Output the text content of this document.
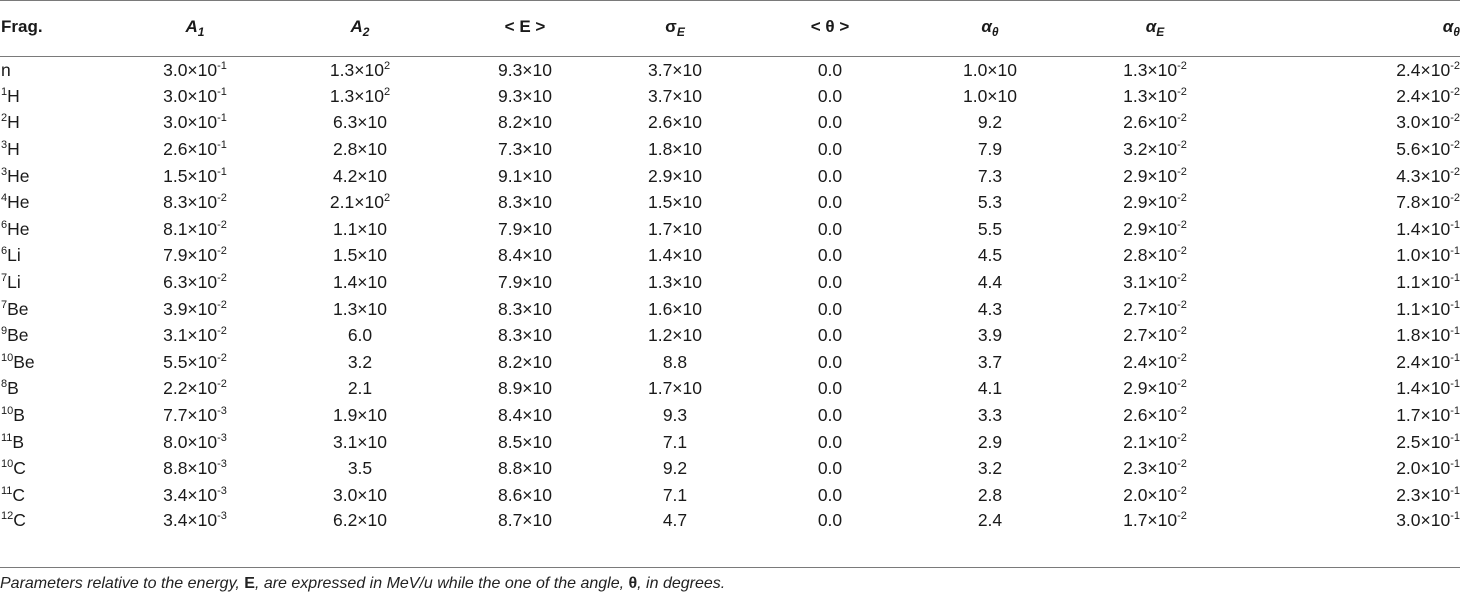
Frag.	$A_1$	$A_2$	< E >	$\sigma_E$	< θ >	$\alpha_\theta$	$\alpha_E$	$\alpha_\theta$
n	$3.0\times 10^{-1}$	$1.3\times 10^2$	9.3×10	3.7×10	0.0	1.0×10	$1.3\times 10^{-2}$	$2.4\times 10^{-2}$
$^1$H	$3.0\times 10^{-1}$	$1.3\times 10^2$	9.3×10	3.7×10	0.0	1.0×10	$1.3\times 10^{-2}$	$2.4\times 10^{-2}$
$^2$H	$3.0\times 10^{-1}$	6.3×10	8.2×10	2.6×10	0.0	9.2	$2.6\times 10^{-2}$	$3.0\times 10^{-2}$
$^3$H	$2.6\times 10^{-1}$	2.8×10	7.3×10	1.8×10	0.0	7.9	$3.2\times 10^{-2}$	$5.6\times 10^{-2}$
$^3$He	$1.5\times 10^{-1}$	4.2×10	9.1×10	2.9×10	0.0	7.3	$2.9\times 10^{-2}$	$4.3\times 10^{-2}$
$^4$He	$8.3\times 10^{-2}$	$2.1\times 10^2$	8.3×10	1.5×10	0.0	5.3	$2.9\times 10^{-2}$	$7.8\times 10^{-2}$
$^6$He	$8.1\times 10^{-2}$	1.1×10	7.9×10	1.7×10	0.0	5.5	$2.9\times 10^{-2}$	$1.4\times 10^{-1}$
$^6$Li	$7.9\times 10^{-2}$	1.5×10	8.4×10	1.4×10	0.0	4.5	$2.8\times 10^{-2}$	$1.0\times 10^{-1}$
$^7$Li	$6.3\times 10^{-2}$	1.4×10	7.9×10	1.3×10	0.0	4.4	$3.1\times 10^{-2}$	$1.1\times 10^{-1}$
$^7$Be	$3.9\times 10^{-2}$	1.3×10	8.3×10	1.6×10	0.0	4.3	$2.7\times 10^{-2}$	$1.1\times 10^{-1}$
$^9$Be	$3.1\times 10^{-2}$	6.0	8.3×10	1.2×10	0.0	3.9	$2.7\times 10^{-2}$	$1.8\times 10^{-1}$
$^{10}$Be	$5.5\times 10^{-2}$	3.2	8.2×10	8.8	0.0	3.7	$2.4\times 10^{-2}$	$2.4\times 10^{-1}$
$^8$B	$2.2\times 10^{-2}$	2.1	8.9×10	1.7×10	0.0	4.1	$2.9\times 10^{-2}$	$1.4\times 10^{-1}$
$^{10}$B	$7.7\times 10^{-3}$	1.9×10	8.4×10	9.3	0.0	3.3	$2.6\times 10^{-2}$	$1.7\times 10^{-1}$
$^{11}$B	$8.0\times 10^{-3}$	3.1×10	8.5×10	7.1	0.0	2.9	$2.1\times 10^{-2}$	$2.5\times 10^{-1}$
$^{10}$C	$8.8\times 10^{-3}$	3.5	8.8×10	9.2	0.0	3.2	$2.3\times 10^{-2}$	$2.0\times 10^{-1}$
$^{11}$C	$3.4\times 10^{-3}$	3.0×10	8.6×10	7.1	0.0	2.8	$2.0\times 10^{-2}$	$2.3\times 10^{-1}$
$^{12}$C	$3.4\times 10^{-3}$	6.2×10	8.7×10	4.7	0.0	2.4	$1.7\times 10^{-2}$	$3.0\times 10^{-1}$
Parameters relative to the energy, E, are expressed in MeV/u while the one of the angle, θ, in degrees.
